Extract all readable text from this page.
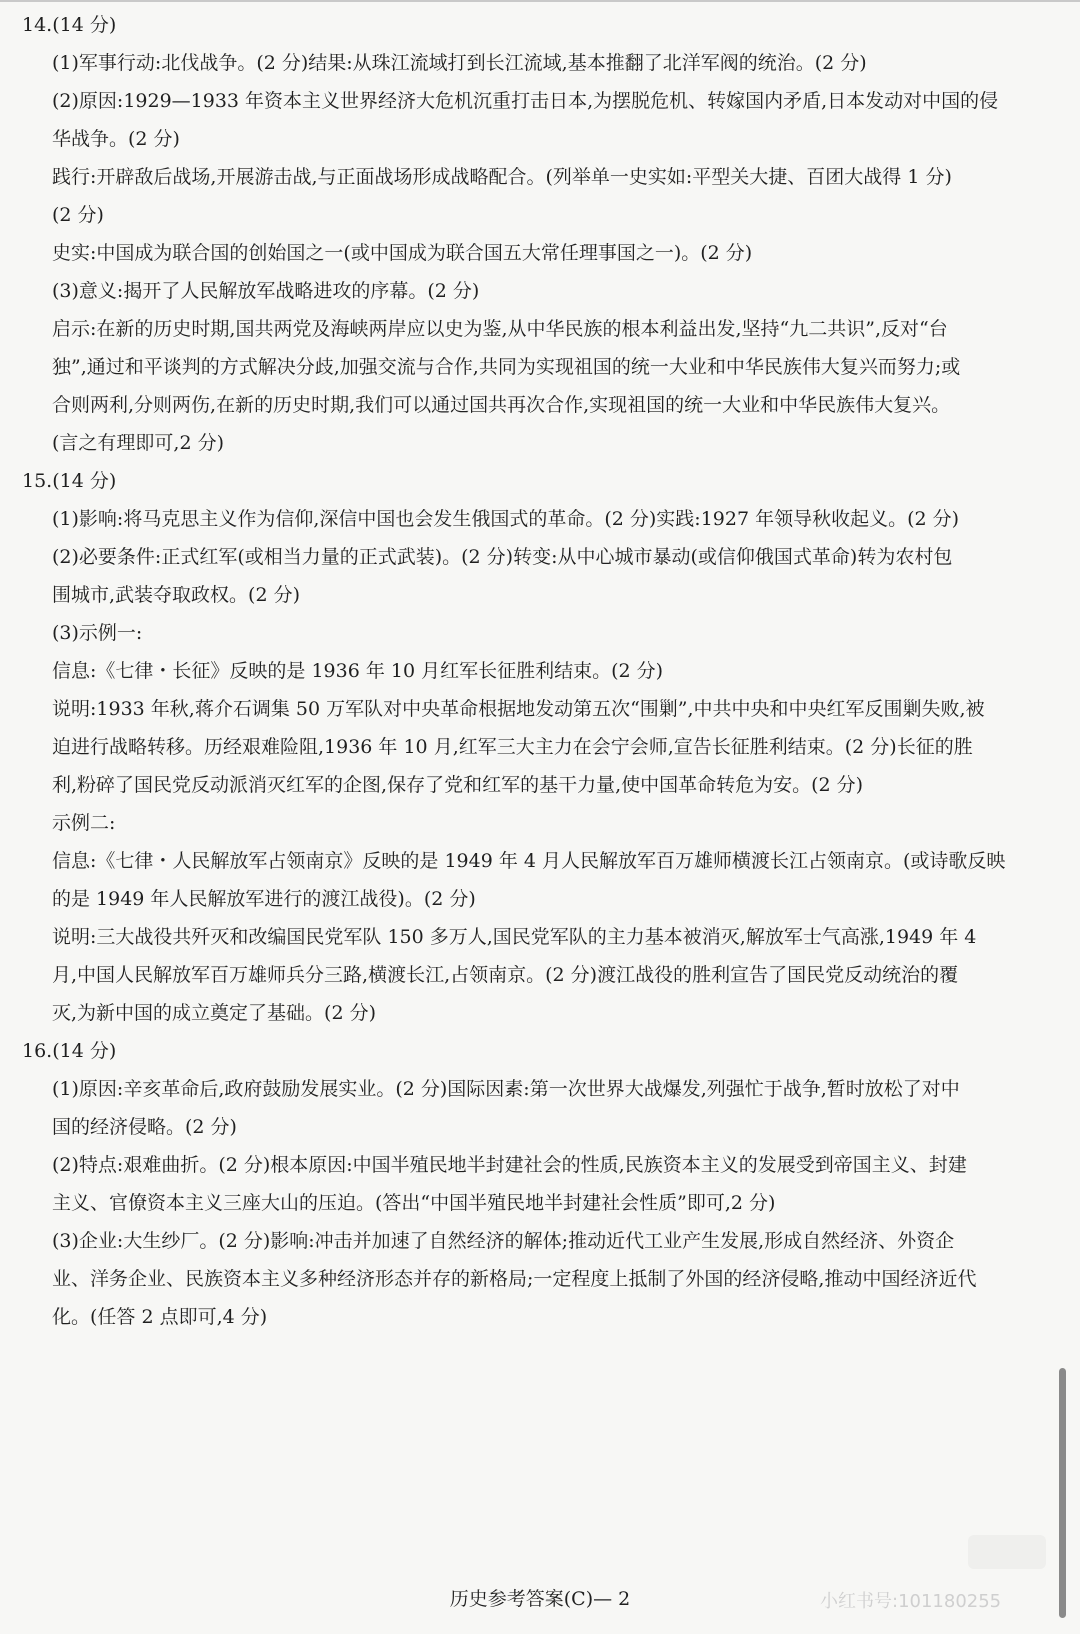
14.(14 分)

(1)军事行动:北伐战争。(2 分)结果:从珠江流域打到长江流域,基本推翻了北洋军阀的统治。(2 分)

(2)原因:1929—1933 年资本主义世界经济大危机沉重打击日本,为摆脱危机、转嫁国内矛盾,日本发动对中国的侵

华战争。(2 分)

践行:开辟敌后战场,开展游击战,与正面战场形成战略配合。(列举单一史实如:平型关大捷、百团大战得 1 分)

(2 分)

史实:中国成为联合国的创始国之一(或中国成为联合国五大常任理事国之一)。(2 分)

(3)意义:揭开了人民解放军战略进攻的序幕。(2 分)

启示:在新的历史时期,国共两党及海峡两岸应以史为鉴,从中华民族的根本利益出发,坚持“九二共识”,反对“台

独”,通过和平谈判的方式解决分歧,加强交流与合作,共同为实现祖国的统一大业和中华民族伟大复兴而努力;或

合则两利,分则两伤,在新的历史时期,我们可以通过国共再次合作,实现祖国的统一大业和中华民族伟大复兴。

(言之有理即可,2 分)

15.(14 分)

(1)影响:将马克思主义作为信仰,深信中国也会发生俄国式的革命。(2 分)实践:1927 年领导秋收起义。(2 分)

(2)必要条件:正式红军(或相当力量的正式武装)。(2 分)转变:从中心城市暴动(或信仰俄国式革命)转为农村包

围城市,武装夺取政权。(2 分)

(3)示例一:

信息:《七律・长征》反映的是 1936 年 10 月红军长征胜利结束。(2 分)

说明:1933 年秋,蒋介石调集 50 万军队对中央革命根据地发动第五次“围剿”,中共中央和中央红军反围剿失败,被

迫进行战略转移。历经艰难险阻,1936 年 10 月,红军三大主力在会宁会师,宣告长征胜利结束。(2 分)长征的胜

利,粉碎了国民党反动派消灭红军的企图,保存了党和红军的基干力量,使中国革命转危为安。(2 分)

示例二:

信息:《七律・人民解放军占领南京》反映的是 1949 年 4 月人民解放军百万雄师横渡长江占领南京。(或诗歌反映

的是 1949 年人民解放军进行的渡江战役)。(2 分)

说明:三大战役共歼灭和改编国民党军队 150 多万人,国民党军队的主力基本被消灭,解放军士气高涨,1949 年 4

月,中国人民解放军百万雄师兵分三路,横渡长江,占领南京。(2 分)渡江战役的胜利宣告了国民党反动统治的覆

灭,为新中国的成立奠定了基础。(2 分)

16.(14 分)

(1)原因:辛亥革命后,政府鼓励发展实业。(2 分)国际因素:第一次世界大战爆发,列强忙于战争,暂时放松了对中

国的经济侵略。(2 分)

(2)特点:艰难曲折。(2 分)根本原因:中国半殖民地半封建社会的性质,民族资本主义的发展受到帝国主义、封建

主义、官僚资本主义三座大山的压迫。(答出“中国半殖民地半封建社会性质”即可,2 分)

(3)企业:大生纱厂。(2 分)影响:冲击并加速了自然经济的解体;推动近代工业产生发展,形成自然经济、外资企

业、洋务企业、民族资本主义多种经济形态并存的新格局;一定程度上抵制了外国的经济侵略,推动中国经济近代

化。(任答 2 点即可,4 分)

历史参考答案(C)— 2	小红书号:101180255
